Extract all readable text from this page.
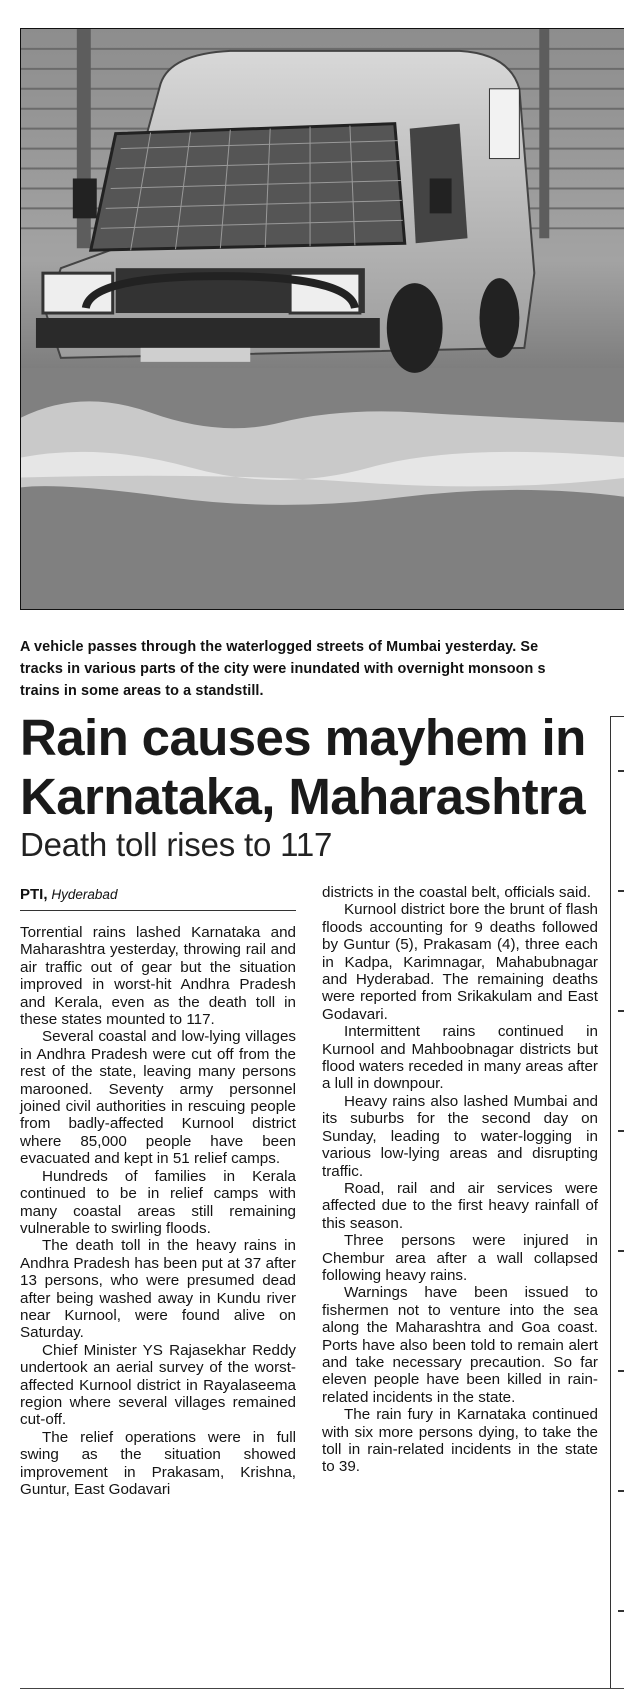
A vehicle passes through the waterlogged streets of Mumbai yesterday. Se
tracks in various parts of the city were inundated with overnight monsoon s
trains in some areas to a standstill.
Rain causes mayhem in
Karnataka, Maharashtra
Death toll rises to 117
PTI, Hyderabad

Torrential rains lashed Karnataka and Maharashtra yesterday, throwing rail and air traffic out of gear but the situation improved in worst-hit Andhra Pradesh and Kerala, even as the death toll in these states mounted to 117.

Several coastal and low-lying villages in Andhra Pradesh were cut off from the rest of the state, leaving many persons marooned. Seventy army personnel joined civil authorities in rescuing people from badly-affected Kurnool district where 85,000 people have been evacuated and kept in 51 relief camps.

Hundreds of families in Kerala continued to be in relief camps with many coastal areas still remaining vulnerable to swirling floods.

The death toll in the heavy rains in Andhra Pradesh has been put at 37 after 13 persons, who were presumed dead after being washed away in Kundu river near Kurnool, were found alive on Saturday.

Chief Minister YS Rajasekhar Reddy undertook an aerial survey of the worst-affected Kurnool district in Rayalaseema region where several villages remained cut-off.

The relief operations were in full swing as the situation showed improvement in Prakasam, Krishna, Guntur, East Godavari

districts in the coastal belt, officials said.

Kurnool district bore the brunt of flash floods accounting for 9 deaths followed by Guntur (5), Prakasam (4), three each in Kadpa, Karimnagar, Mahabubnagar and Hyderabad. The remaining deaths were reported from Srikakulam and East Godavari.

Intermittent rains continued in Kurnool and Mahboobnagar districts but flood waters receded in many areas after a lull in downpour.

Heavy rains also lashed Mumbai and its suburbs for the second day on Sunday, leading to water-logging in various low-lying areas and disrupting traffic.

Road, rail and air services were affected due to the first heavy rainfall of this season.

Three persons were injured in Chembur area after a wall collapsed following heavy rains.

Warnings have been issued to fishermen not to venture into the sea along the Maharashtra and Goa coast. Ports have also been told to remain alert and take necessary precaution. So far eleven people have been killed in rain-related incidents in the state.

The rain fury in Karnataka continued with six more persons dying, to take the toll in rain-related incidents in the state to 39.
